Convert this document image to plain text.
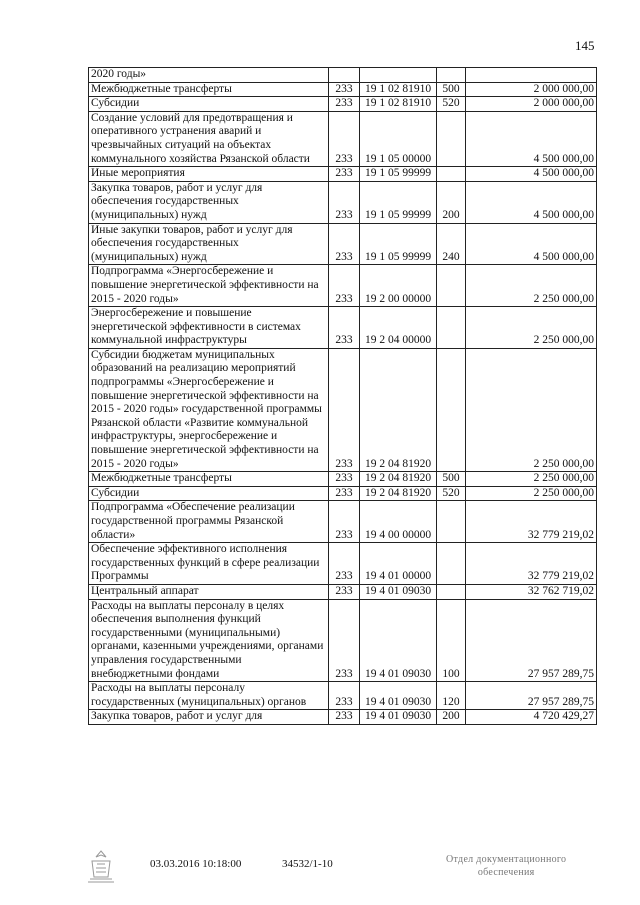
145
2020 годы»				
Межбюджетные трансферты	233	19 1 02 81910	500	2 000 000,00
Субсидии	233	19 1 02 81910	520	2 000 000,00
Создание условий для предотвращения и оперативного устранения аварий и чрезвычайных ситуаций на объектах коммунального хозяйства Рязанской области	233	19 1 05 00000		4 500 000,00
Иные мероприятия	233	19 1 05 99999		4 500 000,00
Закупка товаров, работ и услуг для обеспечения государственных (муниципальных) нужд	233	19 1 05 99999	200	4 500 000,00
Иные закупки товаров, работ и услуг для обеспечения государственных (муниципальных) нужд	233	19 1 05 99999	240	4 500 000,00
Подпрограмма «Энергосбережение и повышение энергетической эффективности на 2015 - 2020 годы»	233	19 2 00 00000		2 250 000,00
Энергосбережение и повышение энергетической эффективности в системах коммунальной инфраструктуры	233	19 2 04 00000		2 250 000,00
Субсидии бюджетам муниципальных образований на реализацию мероприятий подпрограммы «Энергосбережение и повышение энергетической эффективности на 2015 - 2020 годы» государственной программы Рязанской области «Развитие коммунальной инфраструктуры, энергосбережение и повышение энергетической эффективности на 2015 - 2020 годы»	233	19 2 04 81920		2 250 000,00
Межбюджетные трансферты	233	19 2 04 81920	500	2 250 000,00
Субсидии	233	19 2 04 81920	520	2 250 000,00
Подпрограмма «Обеспечение реализации государственной программы Рязанской области»	233	19 4 00 00000		32 779 219,02
Обеспечение эффективного исполнения государственных функций в сфере реализации Программы	233	19 4 01 00000		32 779 219,02
Центральный аппарат	233	19 4 01 09030		32 762 719,02
Расходы на выплаты персоналу в целях обеспечения выполнения функций государственными (муниципальными) органами, казенными учреждениями, органами управления государственными внебюджетными фондами	233	19 4 01 09030	100	27 957 289,75
Расходы на выплаты персоналу государственных (муниципальных) органов	233	19 4 01 09030	120	27 957 289,75
Закупка товаров, работ и услуг для	233	19 4 01 09030	200	4 720 429,27
03.03.2016 10:18:00	34532/1-10	Отдел документационного
обеспечения
